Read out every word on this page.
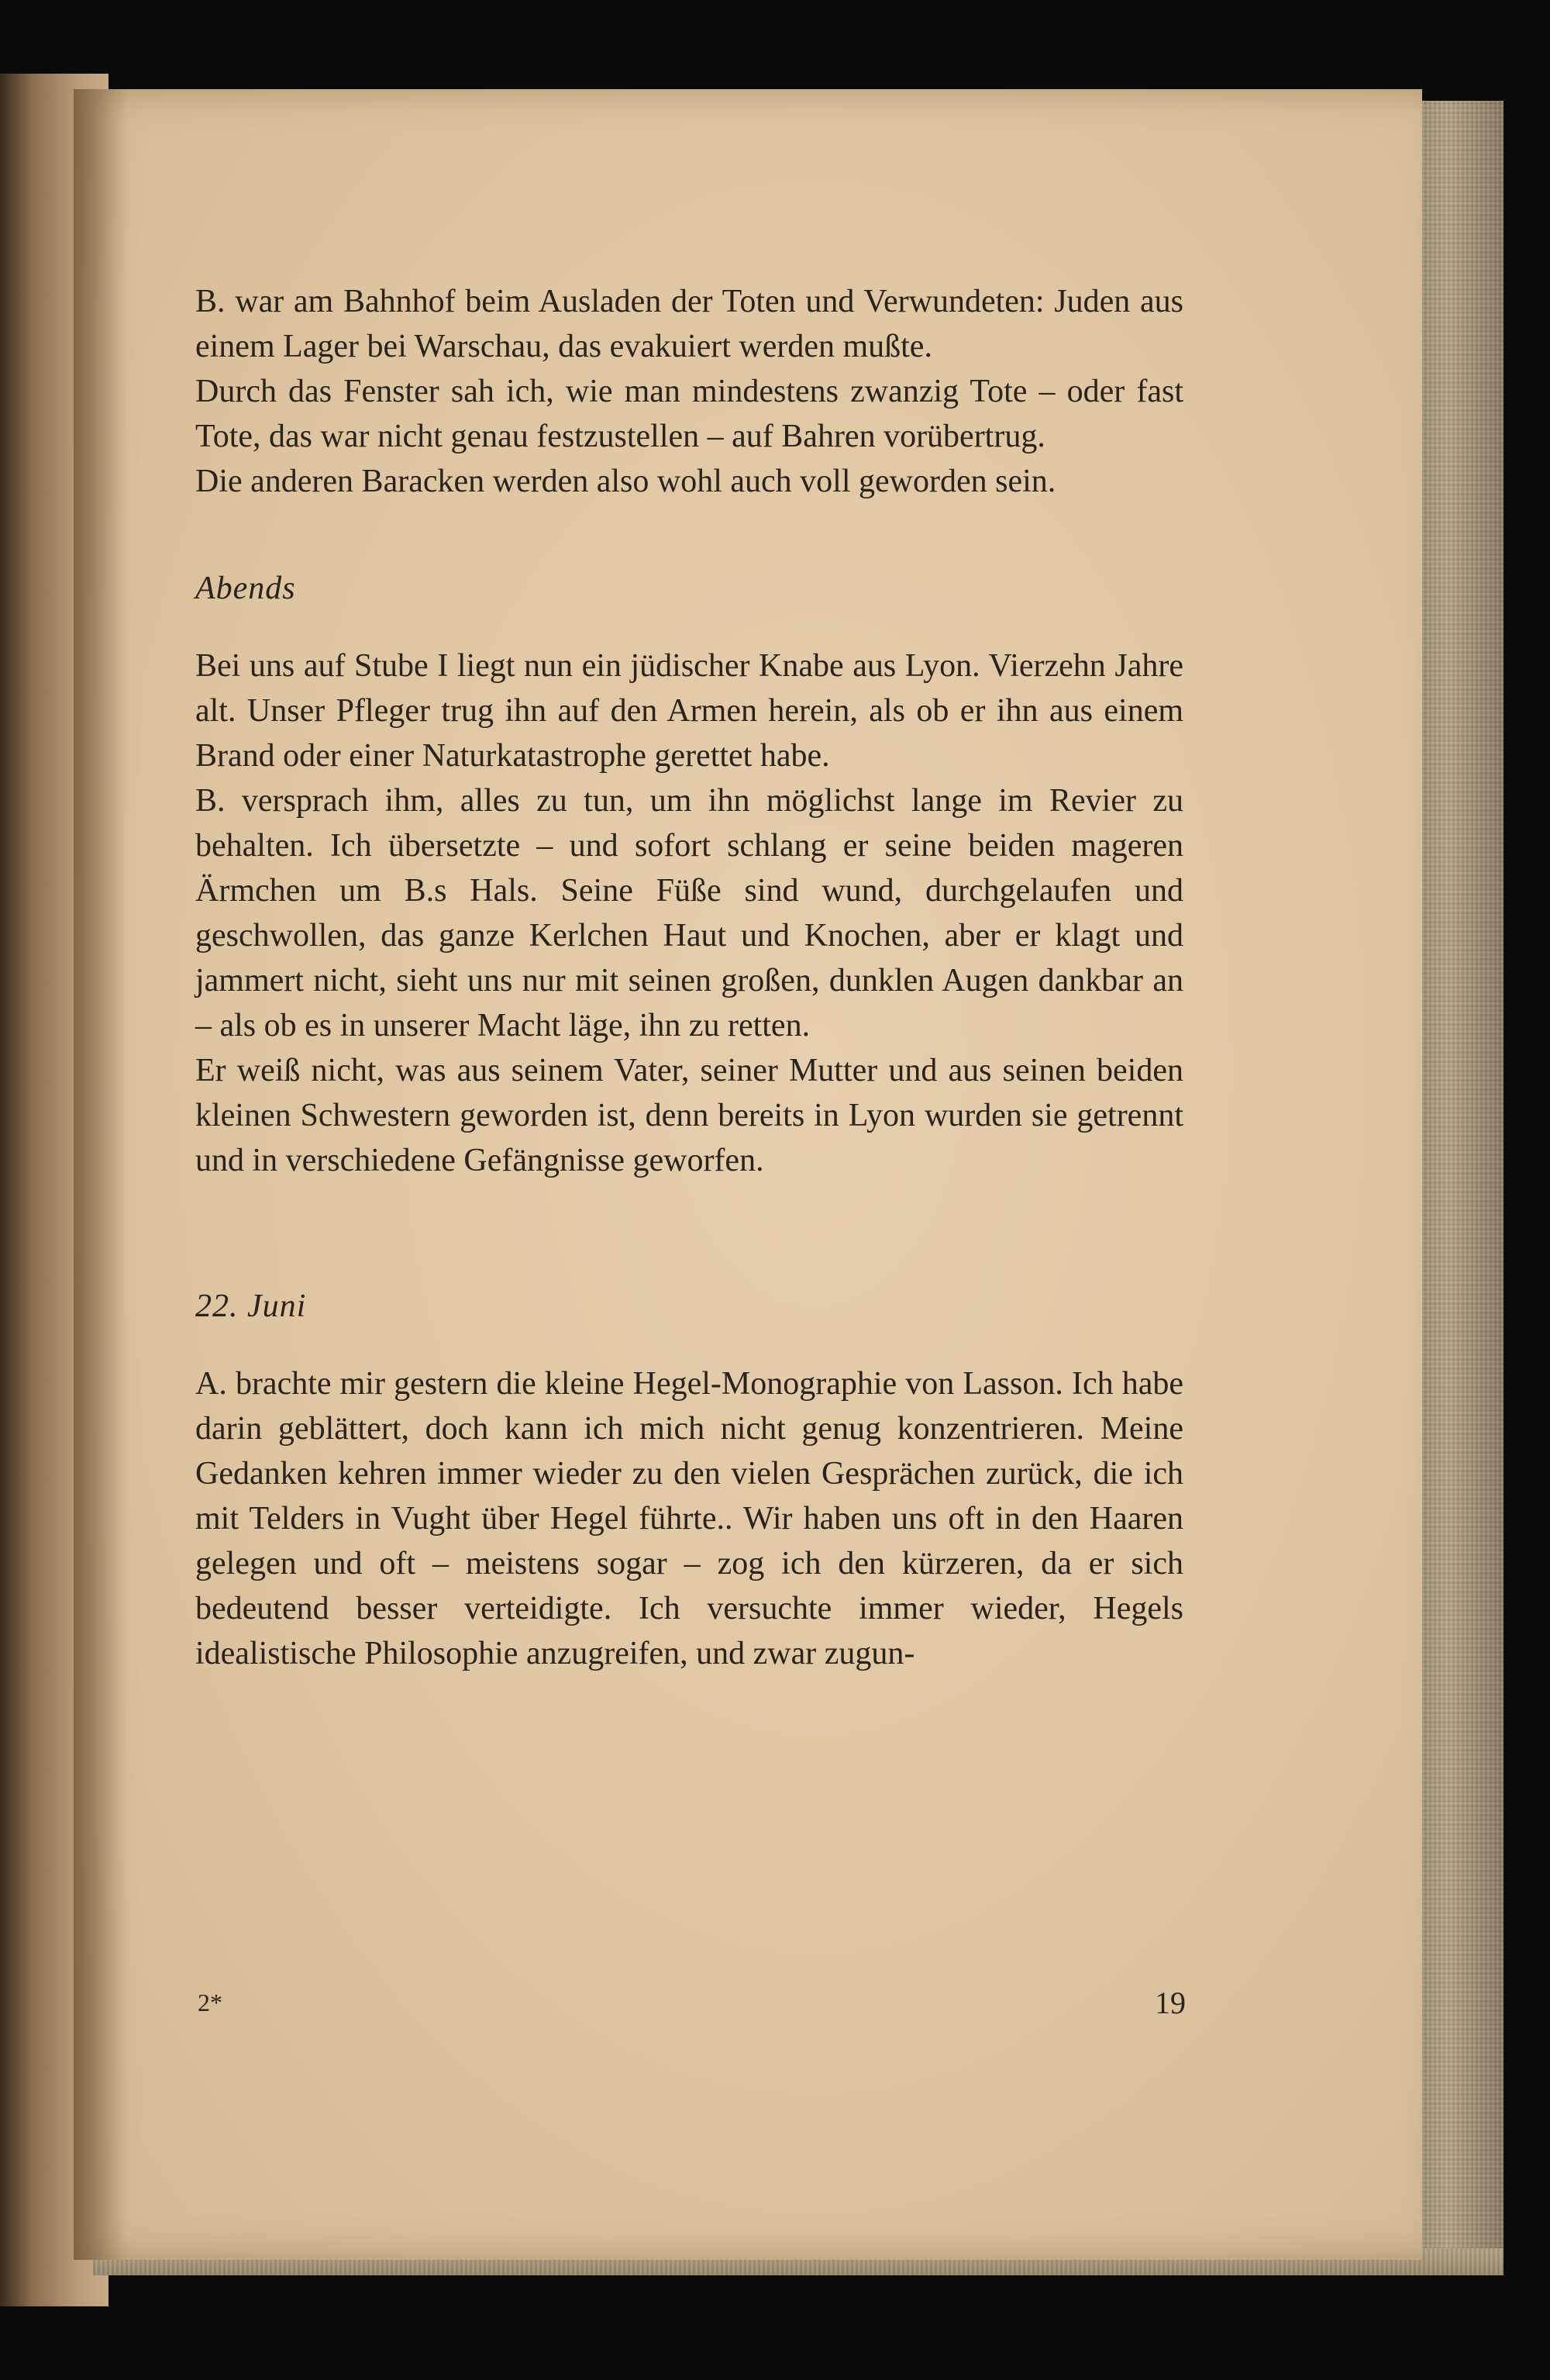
B. war am Bahnhof beim Ausladen der Toten und Verwundeten: Juden aus einem Lager bei Warschau, das evakuiert werden mußte.

Durch das Fenster sah ich, wie man mindestens zwanzig Tote – oder fast Tote, das war nicht genau festzustellen – auf Bahren vorübertrug.

Die anderen Baracken werden also wohl auch voll geworden sein.

Abends

Bei uns auf Stube I liegt nun ein jüdischer Knabe aus Lyon. Vierzehn Jahre alt. Unser Pfleger trug ihn auf den Armen herein, als ob er ihn aus einem Brand oder einer Naturkatastrophe gerettet habe.

B. versprach ihm, alles zu tun, um ihn möglichst lange im Revier zu behalten. Ich übersetzte – und sofort schlang er seine beiden mageren Ärmchen um B.s Hals. Seine Füße sind wund, durchgelaufen und geschwollen, das ganze Kerlchen Haut und Knochen, aber er klagt und jammert nicht, sieht uns nur mit seinen großen, dunklen Augen dankbar an – als ob es in unserer Macht läge, ihn zu retten.

Er weiß nicht, was aus seinem Vater, seiner Mutter und aus seinen beiden kleinen Schwestern geworden ist, denn bereits in Lyon wurden sie getrennt und in verschiedene Gefängnisse geworfen.

22. Juni

A. brachte mir gestern die kleine Hegel-Monographie von Lasson. Ich habe darin geblättert, doch kann ich mich nicht genug konzentrieren. Meine Gedanken kehren immer wieder zu den vielen Gesprächen zurück, die ich mit Telders in Vught über Hegel führte.. Wir haben uns oft in den Haaren gelegen und oft – meistens sogar – zog ich den kürzeren, da er sich bedeutend besser verteidigte. Ich versuchte immer wieder, Hegels idealistische Philosophie anzugreifen, und zwar zugun-

2*	19
